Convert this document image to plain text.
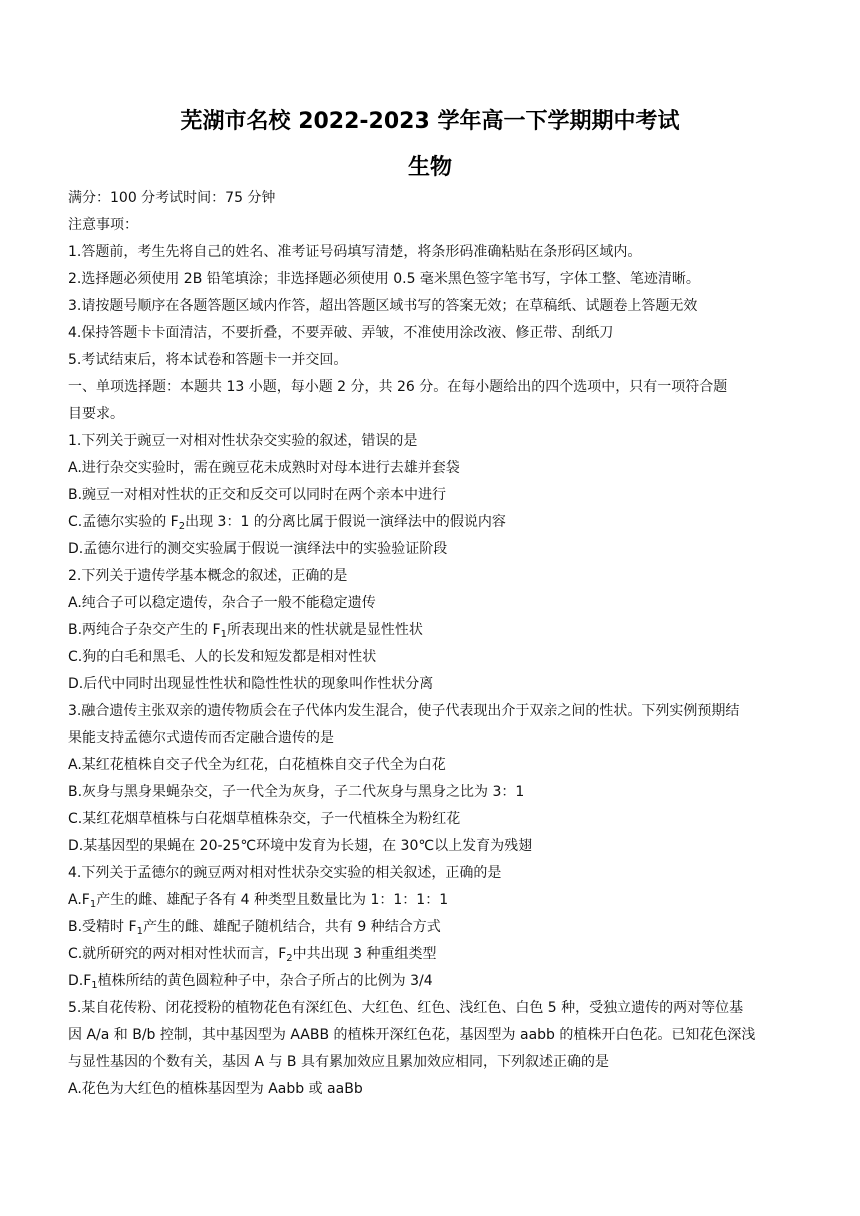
芜湖市名校 2022-2023 学年高一下学期期中考试
生物
满分：100 分考试时间：75 分钟
注意事项：
1.答题前，考生先将自己的姓名、准考证号码填写清楚，将条形码准确粘贴在条形码区域内。
2.选择题必须使用 2B 铅笔填涂；非选择题必须使用 0.5 毫米黑色签字笔书写，字体工整、笔迹清晰。
3.请按题号顺序在各题答题区域内作答，超出答题区域书写的答案无效；在草稿纸、试题卷上答题无效
4.保持答题卡卡面清洁，不要折叠，不要弄破、弄皱，不准使用涂改液、修正带、刮纸刀
5.考试结束后，将本试卷和答题卡一并交回。
一、单项选择题：本题共 13 小题，每小题 2 分，共 26 分。在每小题给出的四个选项中，只有一项符合题
目要求。
1.下列关于豌豆一对相对性状杂交实验的叙述，错误的是
A.进行杂交实验时，需在豌豆花未成熟时对母本进行去雄并套袋
B.豌豆一对相对性状的正交和反交可以同时在两个亲本中进行
C.孟德尔实验的 $F_2$出现 3：1 的分离比属于假说一演绎法中的假说内容
D.孟德尔进行的测交实验属于假说一演绎法中的实验验证阶段
2.下列关于遗传学基本概念的叙述，正确的是
A.纯合子可以稳定遗传，杂合子一般不能稳定遗传
B.两纯合子杂交产生的 $F_1$所表现出来的性状就是显性性状
C.狗的白毛和黑毛、人的长发和短发都是相对性状
D.后代中同时出现显性性状和隐性性状的现象叫作性状分离
3.融合遗传主张双亲的遗传物质会在子代体内发生混合，使子代表现出介于双亲之间的性状。下列实例预期结
果能支持孟德尔式遗传而否定融合遗传的是
A.某红花植株自交子代全为红花，白花植株自交子代全为白花
B.灰身与黑身果蝇杂交，子一代全为灰身，子二代灰身与黑身之比为 3：1
C.某红花烟草植株与白花烟草植株杂交，子一代植株全为粉红花
D.某基因型的果蝇在 20-25℃环境中发育为长翅，在 30℃以上发育为残翅
4.下列关于孟德尔的豌豆两对相对性状杂交实验的相关叙述，正确的是
$A.F_1$产生的雌、雄配子各有 4 种类型且数量比为 1：1：1：1
B.受精时 $F_1$产生的雌、雄配子随机结合，共有 9 种结合方式
C.就所研究的两对相对性状而言，$F_2$中共出现 3 种重组类型
$D.F_1$植株所结的黄色圆粒种子中，杂合子所占的比例为 3/4
5.某自花传粉、闭花授粉的植物花色有深红色、大红色、红色、浅红色、白色 5 种，受独立遗传的两对等位基
因 A/a 和 B/b 控制，其中基因型为 AABB 的植株开深红色花，基因型为 aabb 的植株开白色花。已知花色深浅
与显性基因的个数有关，基因 A 与 B 具有累加效应且累加效应相同，下列叙述正确的是
A.花色为大红色的植株基因型为 Aabb 或 aaBb
